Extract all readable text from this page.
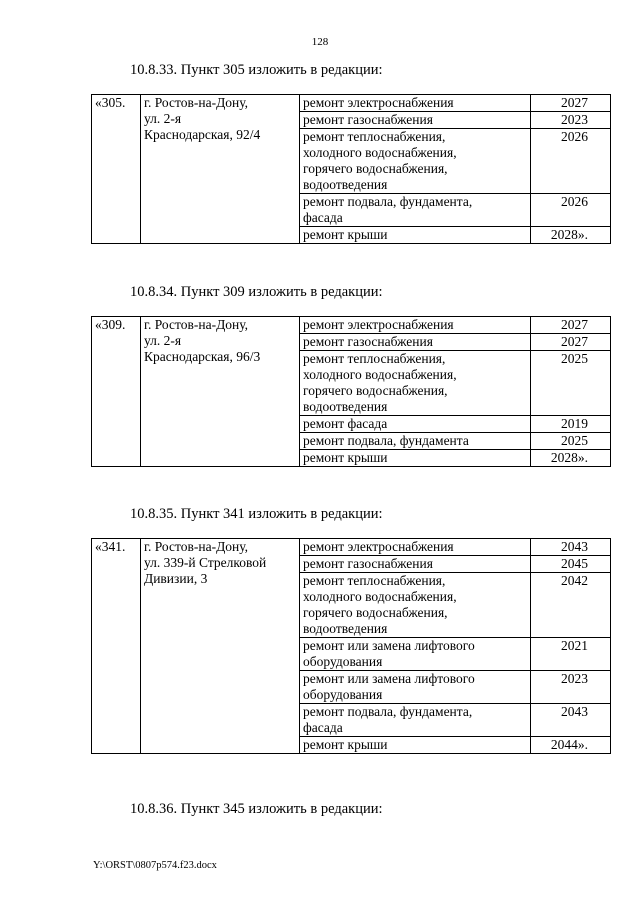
128
10.8.33. Пункт 305 изложить в редакции:
«305.	г. Ростов-на-Дону,
ул. 2-я
Краснодарская, 92/4	ремонт электроснабжения	2027

		ремонт газоснабжения	2023

		ремонт теплоснабжения,
холодного водоснабжения,
горячего водоснабжения,
водоотведения	2026

		ремонт подвала, фундамента,
фасада	2026

		ремонт крыши	2028».
10.8.34. Пункт 309 изложить в редакции:
«309.	г. Ростов-на-Дону,
ул. 2-я
Краснодарская, 96/3	ремонт электроснабжения	2027

		ремонт газоснабжения	2027

		ремонт теплоснабжения,
холодного водоснабжения,
горячего водоснабжения,
водоотведения	2025

		ремонт фасада	2019

		ремонт подвала, фундамента	2025

		ремонт крыши	2028».
10.8.35. Пункт 341 изложить в редакции:
«341.	г. Ростов-на-Дону,
ул. 339-й Стрелковой
Дивизии, 3	ремонт электроснабжения	2043

		ремонт газоснабжения	2045

		ремонт теплоснабжения,
холодного водоснабжения,
горячего водоснабжения,
водоотведения	2042

		ремонт или замена лифтового
оборудования	2021

		ремонт или замена лифтового
оборудования	2023

		ремонт подвала, фундамента,
фасада	2043

		ремонт крыши	2044».
10.8.36. Пункт 345 изложить в редакции:
Y:\ORST\0807p574.f23.docx
